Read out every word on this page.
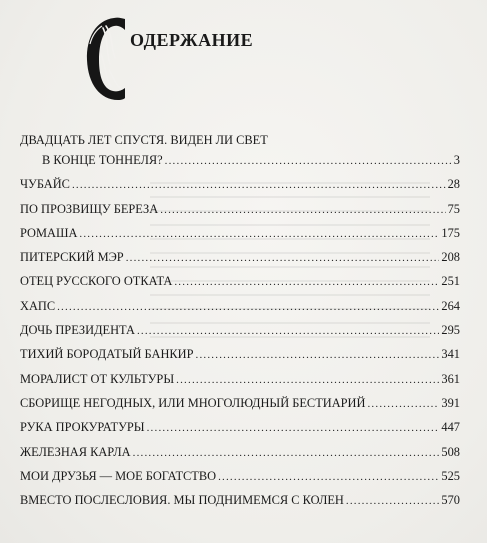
ОДЕРЖАНИЕ
ДВАДЦАТЬ ЛЕТ СПУСТЯ. ВИДЕН ЛИ СВЕТ
В КОНЦЕ ТОННЕЛЯ? .....	3
ЧУБАЙС .....	28
ПО ПРОЗВИЩУ БЕРЕЗА .....	75
РОМАША .....	175
ПИТЕРСКИЙ МЭР .....	208
ОТЕЦ РУССКОГО ОТКАТА .....	251
ХАПС .....	264
ДОЧЬ ПРЕЗИДЕНТА .....	295
ТИХИЙ БОРОДАТЫЙ БАНКИР .....	341
МОРАЛИСТ ОТ КУЛЬТУРЫ .....	361
СБОРИЩЕ НЕГОДНЫХ, ИЛИ МНОГОЛЮДНЫЙ БЕСТИАРИЙ .....	391
РУКА ПРОКУРАТУРЫ .....	447
ЖЕЛЕЗНАЯ КАРЛА .....	508
МОИ ДРУЗЬЯ — МОЕ БОГАТСТВО .....	525
ВМЕСТО ПОСЛЕСЛОВИЯ. МЫ ПОДНИМЕМСЯ С КОЛЕН .....	570
